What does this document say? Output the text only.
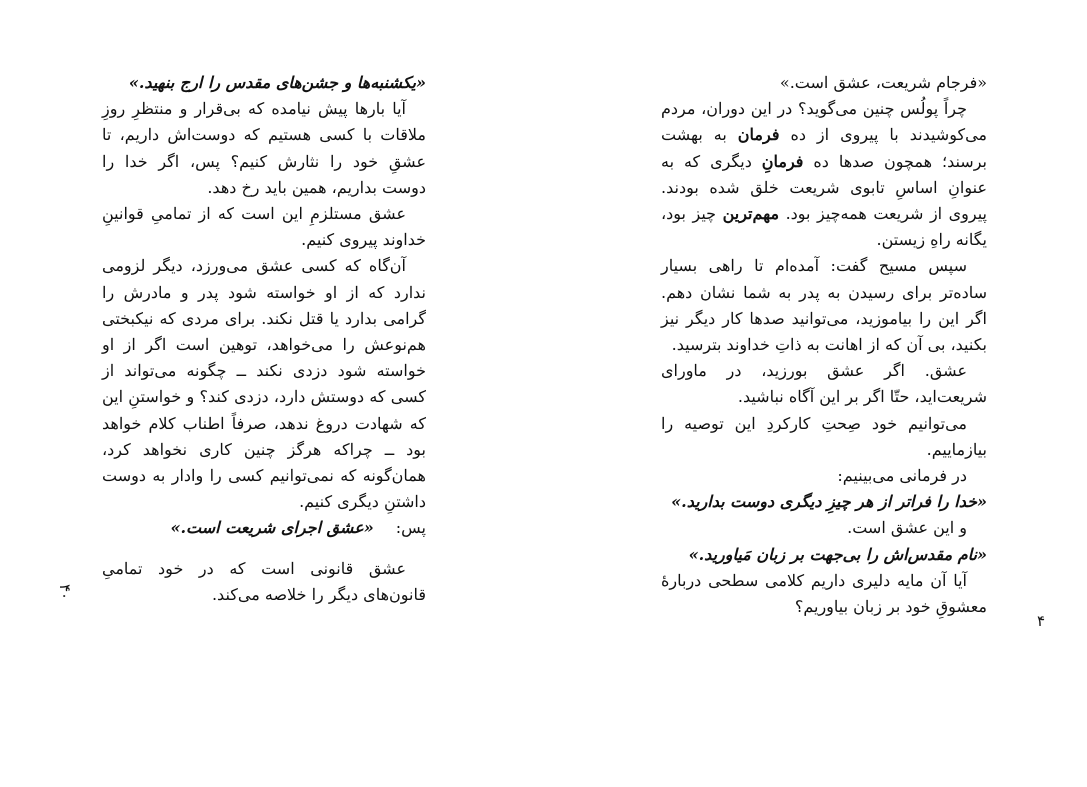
«فرجام شریعت، عشق است.»

چراً پولُس چنین می‌گوید؟ در این دوران، مردم می‌کوشیدند با پیروی از ده فرمان به بهشت برسند؛ همچون صدها ده فرمانِ دیگری که به عنوانِ اساسِ تابوی شریعت خلق شده بودند. پیروی از شریعت همه‌چیز بود. مهم‌ترین چیز بود، یگانه راهِ زیستن.

سپس مسیح گفت: آمده‌ام تا راهی بسیار ساده‌تر برای رسیدن به پدر به شما نشان دهم. اگر این را بیاموزید، می‌توانید صدها کار دیگر نیز بکنید، بی آن که از اهانت به ذاتِ خداوند بترسید.

عشق. اگر عشق بورزید، در ماورای شریعت‌اید، حتّا اگر بر این آگاه نباشید.

می‌توانیم خود صِحتِ کارکردِ این توصیه را بیازماییم.

در فرمانی می‌بینیم:

«خدا را فراتر از هر چیزِ دیگری دوست بدارید.»

و این عشق است.

«نام مقدس‌اش را بی‌جهت بر زبان مَیاورید.»

آیا آن مایه دلیری داریم کلامی سطحی دربارهٔ معشوقِ خود بر زبان بیاوریم؟

۴

«یکشنبه‌ها و جشن‌های مقدس را ارج بنهید.»

آیا بارها پیش نیامده که بی‌قرار و منتظرِ روزِ ملاقات با کسی هستیم که دوست‌اش داریم، تا عشقِ خود را نثارش کنیم؟ پس، اگر خدا را دوست بداریم، همین باید رخ دهد.

عشق مستلزمِ این است که از تمامیِ قوانینِ خداوند پیروی کنیم.

آن‌گاه که کسی عشق می‌ورزد، دیگر لزومی ندارد که از او خواسته شود پدر و مادرش را گرامی بدارد یا قتل نکند. برای مردی که نیکبختی هم‌نوعش را می‌خواهد، توهین است اگر از او خواسته شود دزدی نکند ــ چگونه می‌تواند از کسی که دوستش دارد، دزدی کند؟ و خواستنِ این که شهادت دروغ ندهد، صرفاً اطناب کلام خواهد بود ــ چراکه هرگز چنین کاری نخواهد کرد، همان‌گونه که نمی‌توانیم کسی را وادار به دوست داشتنِ دیگری کنیم.

پس:
«عشق اجرای شریعت است.»

عشق قانونی است که در خود تمامیِ قانون‌های دیگر را خلاصه می‌کند.

۴۰
